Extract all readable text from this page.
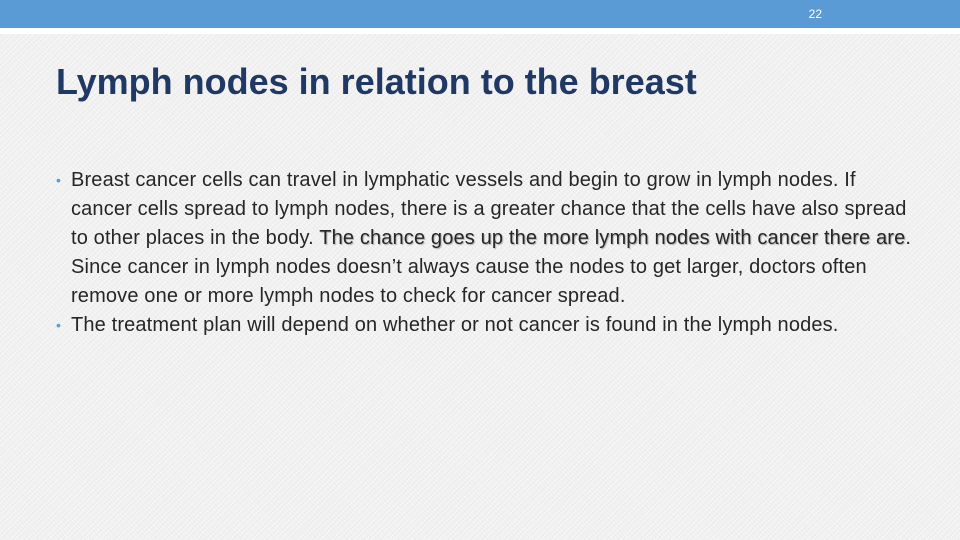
22
Lymph nodes in relation to the breast
• Breast cancer cells can travel in lymphatic vessels and begin to grow in lymph nodes. If cancer cells spread to lymph nodes, there is a greater chance that the cells have also spread to other places in the body. The chance goes up the more lymph nodes with cancer there are. Since cancer in lymph nodes doesn’t always cause the nodes to get larger, doctors often remove one or more lymph nodes to check for cancer spread.
• The treatment plan will depend on whether or not cancer is found in the lymph nodes.
